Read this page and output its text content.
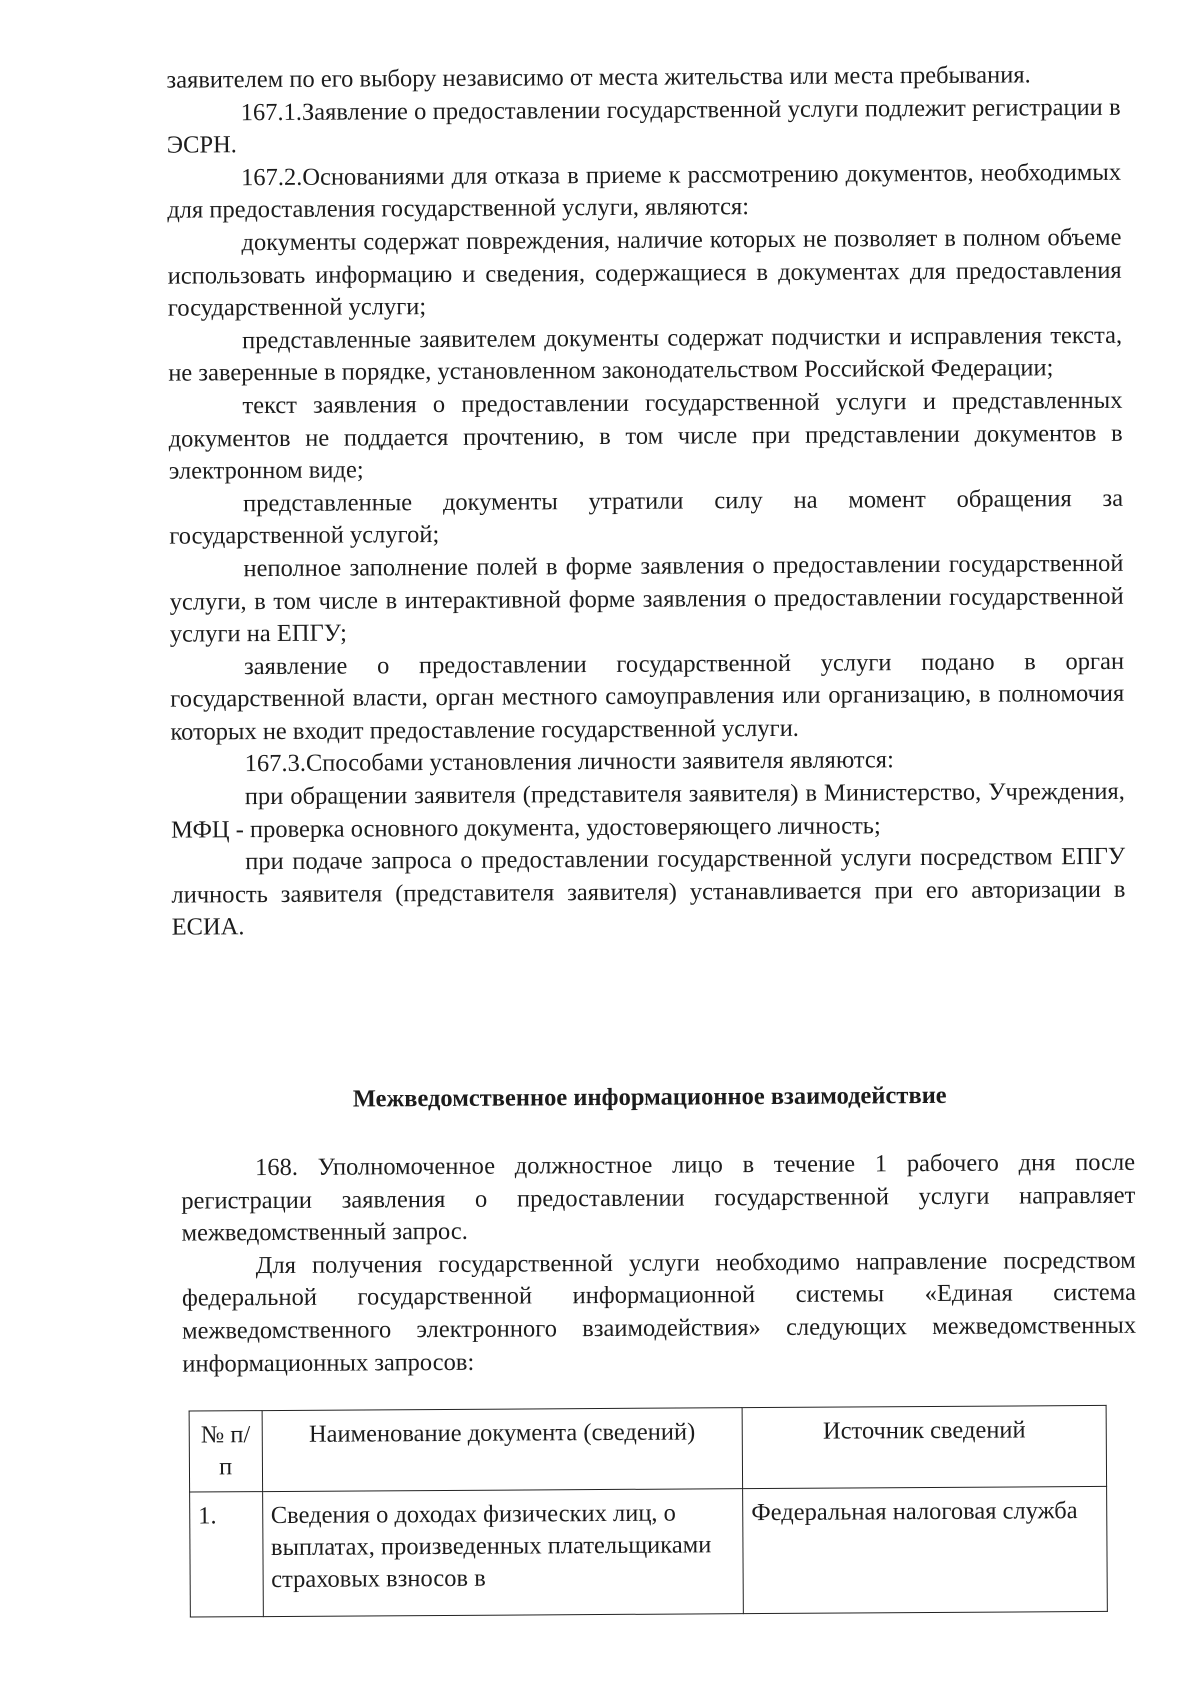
заявителем по его выбору независимо от места жительства или места пребывания.

167.1.Заявление о предоставлении государственной услуги подлежит регистрации в ЭСРН.

167.2.Основаниями для отказа в приеме к рассмотрению документов, необходимых для предоставления государственной услуги, являются:

документы содержат повреждения, наличие которых не позволяет в полном объеме использовать информацию и сведения, содержащиеся в документах для предоставления государственной услуги;

представленные заявителем документы содержат подчистки и исправления текста, не заверенные в порядке, установленном законодательством Российской Федерации;

текст заявления о предоставлении государственной услуги и представленных документов не поддается прочтению, в том числе при представлении документов в электронном виде;

представленные документы утратили силу на момент обращения за государственной услугой;

неполное заполнение полей в форме заявления о предоставлении государственной услуги, в том числе в интерактивной форме заявления о предоставлении государственной услуги на ЕПГУ;

заявление о предоставлении государственной услуги подано в орган государственной власти, орган местного самоуправления или организацию, в полномочия которых не входит предоставление государственной услуги.

167.3.Способами установления личности заявителя являются:

при обращении заявителя (представителя заявителя) в Министерство, Учреждения, МФЦ - проверка основного документа, удостоверяющего личность;

при подаче запроса о предоставлении государственной услуги посредством ЕПГУ личность заявителя (представителя заявителя) устанавливается при его авторизации в ЕСИА.

Межведомственное информационное взаимодействие

168. Уполномоченное должностное лицо в течение 1 рабочего дня после регистрации заявления о предоставлении государственной услуги направляет межведомственный запрос.

Для получения государственной услуги необходимо направление посредством федеральной государственной информационной системы «Единая система межведомственного электронного взаимодействия» следующих межведомственных информационных запросов:

№ п/п	Наименование документа (сведений)	Источник сведений
1.	Сведения о доходах физических лиц, о выплатах, произведенных плательщиками страховых взносов в	Федеральная налоговая служба
